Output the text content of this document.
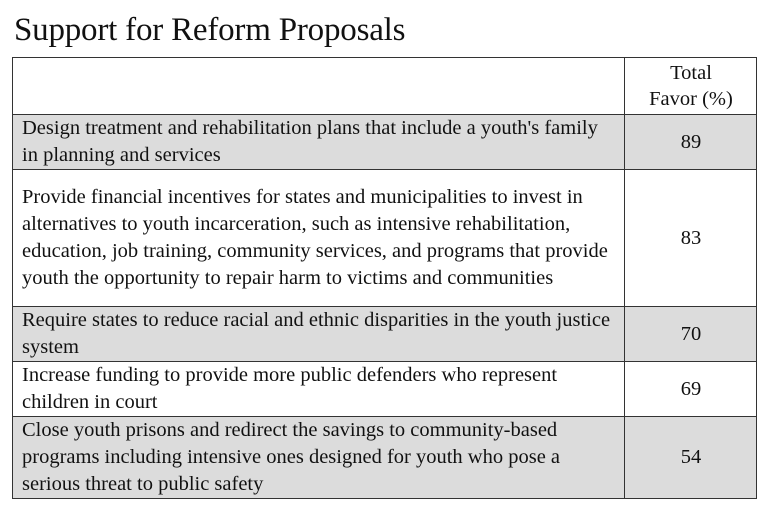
Support for Reform Proposals

	Total
Favor (%)

Design treatment and rehabilitation plans that include a youth's family in planning and services	89
Provide financial incentives for states and municipalities to invest in alternatives to youth incarceration, such as intensive rehabilitation, education, job training, community services, and programs that provide youth the opportunity to repair harm to victims and communities	83
Require states to reduce racial and ethnic disparities in the youth justice system	70
Increase funding to provide more public defenders who represent children in court	69
Close youth prisons and redirect the savings to community-based programs including intensive ones designed for youth who pose a serious threat to public safety	54
